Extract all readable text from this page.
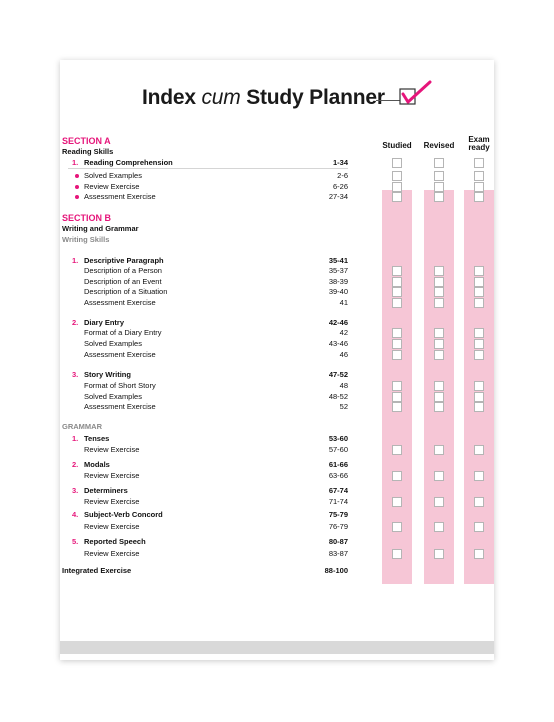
Index cum Study Planner
Studied	Revised
Exam ready
SECTION A
Reading Skills
1. Reading Comprehension	1-34
Solved Examples	2-6
Review Exercise	6-26
Assessment Exercise	27-34
SECTION B
Writing and Grammar
Writing Skills
1. Descriptive Paragraph	35-41
Description of a Person	35-37
Description of an Event	38-39
Description of a Situation	39-40
Assessment Exercise	41
2. Diary Entry	42-46
Format of a Diary Entry	42
Solved Examples	43-46
Assessment Exercise	46
3. Story Writing	47-52
Format of Short Story	48
Solved Examples	48-52
Assessment Exercise	52
GRAMMAR
1. Tenses	53-60
Review Exercise	57-60
2. Modals	61-66
Review Exercise	63-66
3. Determiners	67-74
Review Exercise	71-74
4. Subject-Verb Concord	75-79
Review Exercise	76-79
5. Reported Speech	80-87
Review Exercise	83-87
Integrated Exercise	88-100
